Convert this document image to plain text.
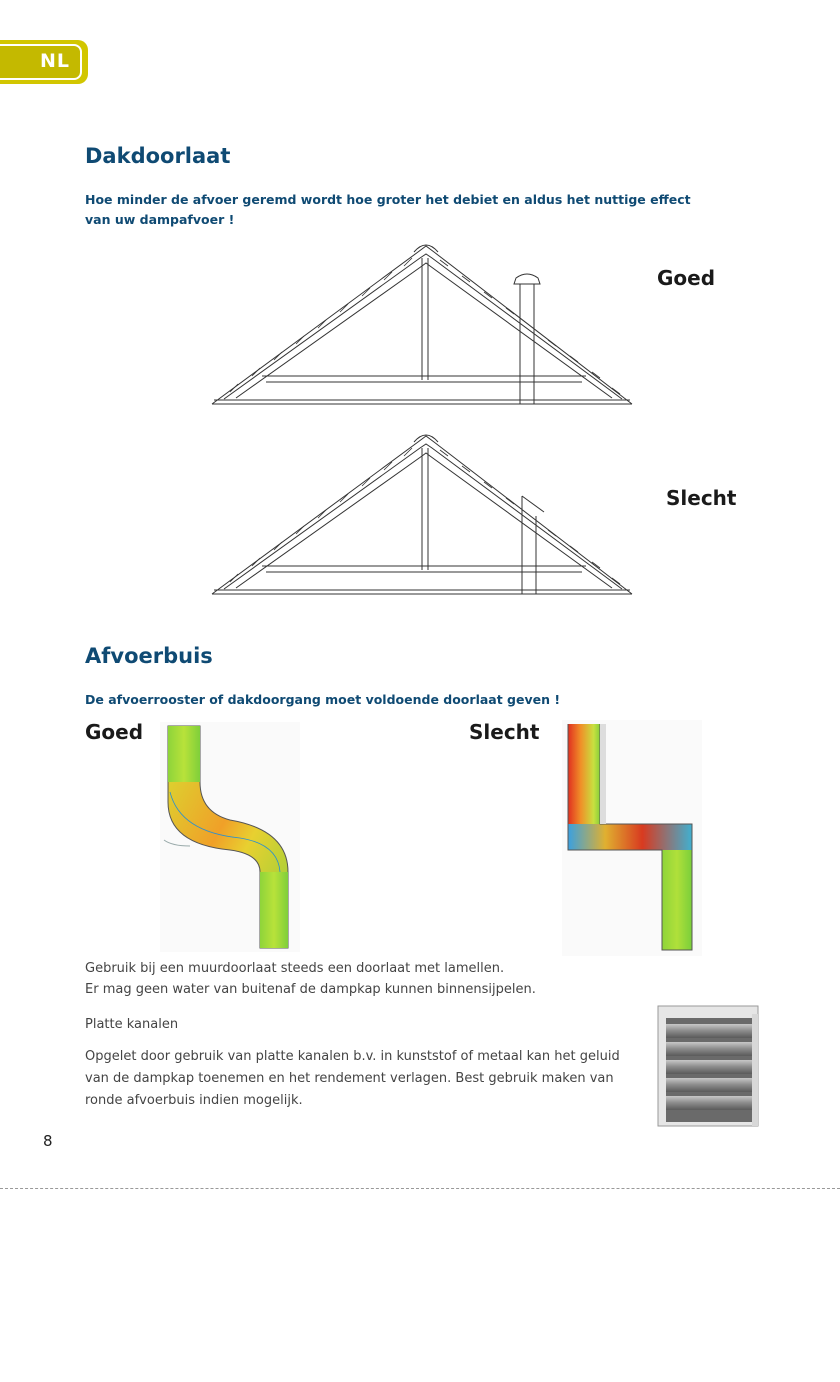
NL
Dakdoorlaat
Hoe minder de afvoer geremd wordt hoe groter het debiet en aldus het nuttige effect
van uw dampafvoer !
Goed
Slecht
Afvoerbuis
De afvoerrooster of dakdoorgang moet voldoende doorlaat geven !
Goed	Slecht
Gebruik bij een muurdoorlaat steeds een doorlaat met lamellen.
Er mag geen water van buitenaf de dampkap kunnen binnensijpelen.
Platte kanalen
Opgelet door gebruik van platte kanalen b.v. in kunststof of metaal kan het geluid
van de dampkap toenemen en het rendement verlagen. Best gebruik maken van
ronde afvoerbuis indien mogelijk.
8
